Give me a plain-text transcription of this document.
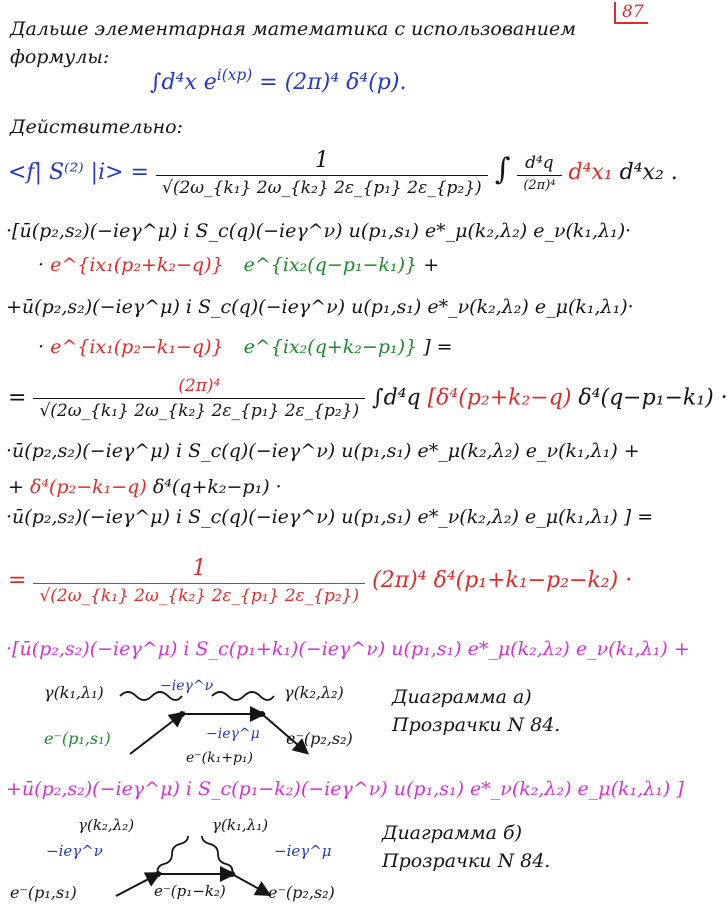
87
Дальше элементарная математика с использованием
формулы:
∫d⁴x $e^{i(xp)} = (2\pi)^4$ δ⁴(p).
Действительно:
<f| S⁽²⁾ $|i> = \frac{1}{\text{√(2ω\_\{k₁\} 2ω\_\{k₂\} 2ε\_\{p₁\} 2ε\_\{p₂\})}}$ ∫ $\frac{\text{d⁴q}}{\text{(2π)⁴}} d^4x_1$ d⁴x₂ .
·[ū(p₂,s₂)(−ieγ^μ) i S_c(q)(−ieγ^ν) u(p₁,s₁) e*_μ(k₂,λ₂) e_ν(k₁,λ₁)·
· e^{ix₁(p₂+k₂−q)} e^{ix₂(q−p₁−k₁)} +
+ū(p₂,s₂)(−ieγ^μ) i S_c(q)(−ieγ^ν) u(p₁,s₁) e*_ν(k₂,λ₂) e_μ(k₁,λ₁)·
· e^{ix₁(p₂−k₁−q)} e^{ix₂(q+k₂−p₁)} ] =
= $\frac{\text{(2π)⁴}}{\text{√(2ω\_\{k₁\} 2ω\_\{k₂\} 2ε\_\{p₁\} 2ε\_\{p₂\})}} \int d^4q$ [δ⁴(p₂+k₂−q) δ⁴(q−p₁−k₁) ·
·ū(p₂,s₂)(−ieγ^μ) i S_c(q)(−ieγ^ν) u(p₁,s₁) e*_μ(k₂,λ₂) e_ν(k₁,λ₁) +
+ δ⁴(p₂−k₁−q) δ⁴(q+k₂−p₁) ·
·ū(p₂,s₂)(−ieγ^μ) i S_c(q)(−ieγ^ν) u(p₁,s₁) e*_ν(k₂,λ₂) e_μ(k₁,λ₁) ] =
= $\frac{1}{\text{√(2ω\_\{k₁\} 2ω\_\{k₂\} 2ε\_\{p₁\} 2ε\_\{p₂\})}} (2\pi)^4$ δ⁴(p₁+k₁−p₂−k₂) ·
·[ū(p₂,s₂)(−ieγ^μ) i S_c(p₁+k₁)(−ieγ^ν) u(p₁,s₁) e*_μ(k₂,λ₂) e_ν(k₁,λ₁) +
γ(k₁,λ₁)	γ(k₂,λ₂)
−ieγ^ν
−ieγ^μ
e⁻(p₁,s₁)	e⁻(p₂,s₂)
e⁻(k₁+p₁)
Диаграмма а)
Прозрачки N 84.
+ū(p₂,s₂)(−ieγ^μ) i S_c(p₁−k₂)(−ieγ^ν) u(p₁,s₁) e*_ν(k₂,λ₂) e_μ(k₁,λ₁) ]
γ(k₂,λ₂)	γ(k₁,λ₁)
−ieγ^ν	−ieγ^μ
e⁻(p₁,s₁)	e⁻(p₁−k₂)	e⁻(p₂,s₂)
Диаграмма б)
Прозрачки N 84.
